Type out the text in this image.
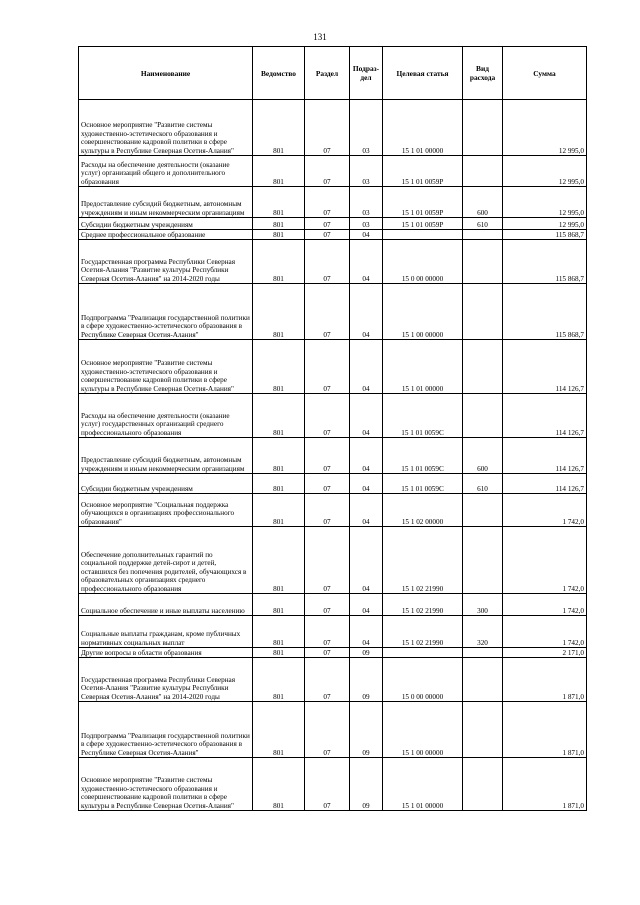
131
Наименование	Ведомство	Раздел	Подраз-дел	Целевая статья	Вид расхода	Сумма
Основное мероприятие "Развитие системы художественно-эстетического образования и совершенствование кадровой политики в сфере культуры в Республике Северная Осетия-Алания"	801	07	03	15 1 01 00000		12 995,0
Расходы на обеспечение деятельности (оказание услуг) организаций общего и дополнительного образования	801	07	03	15 1 01 0059Р		12 995,0
Предоставление субсидий бюджетным, автономным учреждениям и иным некоммерческим организациям	801	07	03	15 1 01 0059Р	600	12 995,0
Субсидии бюджетным учреждениям	801	07	03	15 1 01 0059Р	610	12 995,0
Среднее профессиональное образование	801	07	04			115 868,7
Государственная программа Республики Северная Осетия-Алания "Развитие культуры Республики Северная Осетия-Алания" на 2014-2020 годы	801	07	04	15 0 00 00000		115 868,7
Подпрограмма "Реализация государственной политики в сфере художественно-эстетического образования в Республике Северная Осетия-Алания"	801	07	04	15 1 00 00000		115 868,7
Основное мероприятие "Развитие системы художественно-эстетического образования и совершенствование кадровой политики в сфере культуры в Республике Северная Осетия-Алания"	801	07	04	15 1 01 00000		114 126,7
Расходы на обеспечение деятельности (оказание услуг) государственных организаций среднего профессионального образования	801	07	04	15 1 01 0059С		114 126,7
Предоставление субсидий бюджетным, автономным учреждениям и иным некоммерческим организациям	801	07	04	15 1 01 0059С	600	114 126,7
Субсидии бюджетным учреждениям	801	07	04	15 1 01 0059С	610	114 126,7
Основное мероприятие "Социальная поддержка обучающихся в организациях профессионального образования"	801	07	04	15 1 02 00000		1 742,0
Обеспечение дополнительных гарантий по социальной поддержке детей-сирот и детей, оставшихся без попечения родителей, обучающихся в образовательных организациях среднего профессионального образования	801	07	04	15 1 02 21990		1 742,0
Социальное обеспечение и иные выплаты населению	801	07	04	15 1 02 21990	300	1 742,0
Социальные выплаты гражданам, кроме публичных нормативных социальных выплат	801	07	04	15 1 02 21990	320	1 742,0
Другие вопросы в области образования	801	07	09			2 171,0
Государственная программа Республики Северная Осетия-Алания "Развитие культуры Республики Северная Осетия-Алания" на 2014-2020 годы	801	07	09	15 0 00 00000		1 871,0
Подпрограмма "Реализация государственной политики в сфере художественно-эстетического образования в Республике Северная Осетия-Алания"	801	07	09	15 1 00 00000		1 871,0
Основное мероприятие "Развитие системы художественно-эстетического образования и совершенствование кадровой политики в сфере культуры в Республике Северная Осетия-Алания"	801	07	09	15 1 01 00000		1 871,0
